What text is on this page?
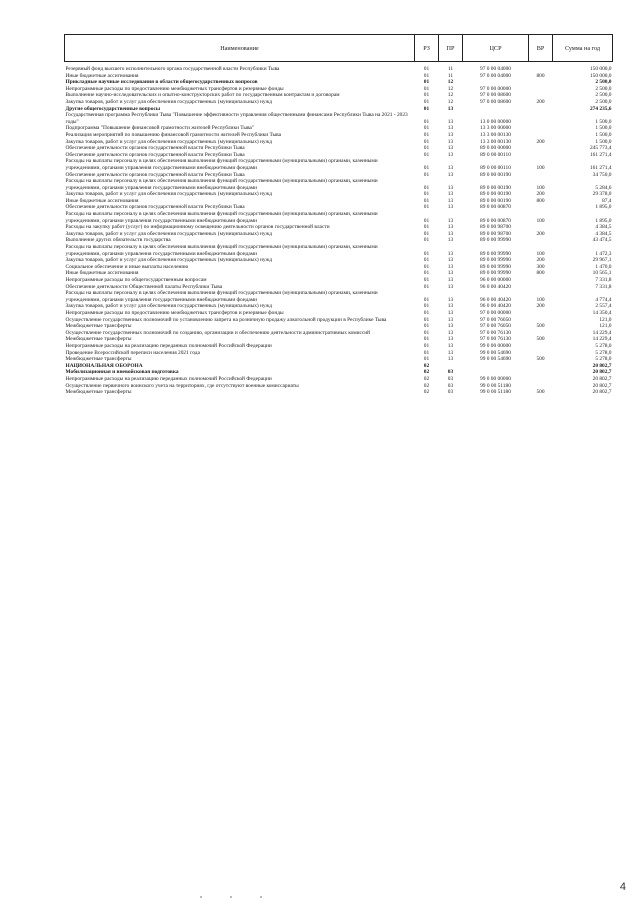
Наименование	РЗ	ПР	ЦСР	ВР	Сумма на год

Резервный фонд высшего исполнительного органа государственной власти Республики Тыва	01	11	97 0 00 04000		150 000,0
Иные бюджетные ассигнования	01	11	97 0 00 04000	800	150 000,0
Прикладные научные исследования в области общегосударственных вопросов	01	12			2 500,0
Непрограммные расходы по предоставлению межбюджетных трансфертов и резервные фонды	01	12	97 0 00 00000		2 500,0
Выполнение научно-исследовательских и опытно-конструкторских работ по государственным контрактам и договорам	01	12	97 0 00 08600		2 500,0
Закупка товаров, работ и услуг для обеспечения государственных (муниципальных) нужд	01	12	97 0 00 08600	200	2 500,0
Другие общегосударственные вопросы	01	13			274 235,6
Государственная программа Республики Тыва "Повышение эффективности управления общественными финансами Республики Тыва на 2021 - 2023 годы"	01	13	13 0 00 00000		1 500,0
Подпрограмма "Повышение финансовой грамотности жителей Республики Тыва"	01	13	13 3 00 00000		1 500,0
Реализация мероприятий по повышению финансовой грамотности жителей Республики Тыва	01	13	13 3 00 00130		1 500,0
Закупка товаров, работ и услуг для обеспечения государственных (муниципальных) нужд	01	13	13 3 00 00130	200	1 500,0
Обеспечение деятельности органов государственной власти Республики Тыва	01	13	89 0 00 00000		245 773,4
Обеспечение деятельности органов государственной власти Республики Тыва	01	13	89 0 00 00110		161 271,4
Расходы на выплаты персоналу в целях обеспечения выполнения функций государственными (муниципальными) органами, казенными учреждениями, органами управления государственными внебюджетными фондами	01	13	89 0 00 00110	100	161 271,4
Обеспечение деятельности органов государственной власти Республики Тыва	01	13	89 0 00 00190		34 750,0
Расходы на выплаты персоналу в целях обеспечения выполнения функций государственными (муниципальными) органами, казенными учреждениями, органами управления государственными внебюджетными фондами	01	13	89 0 00 00190	100	5 284,6
Закупка товаров, работ и услуг для обеспечения государственных (муниципальных) нужд	01	13	89 0 00 00190	200	29 378,0
Иные бюджетные ассигнования	01	13	89 0 00 00190	800	87,4
Обеспечение деятельности органов государственной власти Республики Тыва	01	13	89 0 00 00870		1 895,0
Расходы на выплаты персоналу в целях обеспечения выполнения функций государственными (муниципальными) органами, казенными учреждениями, органами управления государственными внебюджетными фондами	01	13	89 0 00 00870	100	1 895,0
Расходы на закупку работ (услуг) по информационному освещению деятельности органов государственной власти	01	13	89 0 00 98700		4 384,5
Закупка товаров, работ и услуг для обеспечения государственных (муниципальных) нужд	01	13	89 0 00 98700	200	4 384,5
Выполнение других обязательств государства	01	13	89 0 00 99990		43 474,5
Расходы на выплаты персоналу в целях обеспечения выполнения функций государственными (муниципальными) органами, казенными учреждениями, органами управления государственными внебюджетными фондами	01	13	89 0 00 99990	100	1 472,3
Закупка товаров, работ и услуг для обеспечения государственных (муниципальных) нужд	01	13	89 0 00 99990	200	29 967,1
Социальное обеспечение и иные выплаты населению	01	13	89 0 00 99990	300	1 470,0
Иные бюджетные ассигнования	01	13	89 0 00 99990	800	10 565,1
Непрограммные расходы по общегосударственным вопросам	01	13	96 0 00 00000		7 331,8
Обеспечение деятельности Общественной палаты Республики Тыва	01	13	96 0 00 40420		7 331,8
Расходы на выплаты персоналу в целях обеспечения выполнения функций государственными (муниципальными) органами, казенными учреждениями, органами управления государственными внебюджетными фондами	01	13	96 0 00 40420	100	4 774,4
Закупка товаров, работ и услуг для обеспечения государственных (муниципальных) нужд	01	13	96 0 00 40420	200	2 557,4
Непрограммные расходы по предоставлению межбюджетных трансфертов и резервные фонды	01	13	97 0 00 00000		14 350,4
Осуществление государственных полномочий по установлению запрета на розничную продажу алкогольной продукции в Республике Тыва	01	13	97 0 00 76050		121,0
Межбюджетные трансферты	01	13	97 0 00 76050	500	121,0
Осуществление государственных полномочий по созданию, организации и обеспечению деятельности административных комиссий	01	13	97 0 00 76130		14 229,4
Межбюджетные трансферты	01	13	97 0 00 76130	500	14 229,4
Непрограммные расходы на реализацию переданных полномочий Российской Федерации	01	13	99 0 00 00000		5 278,0
Проведение Всероссийской переписи населения 2021 года	01	13	99 0 00 54690		5 278,0
Межбюджетные трансферты	01	13	99 0 00 54690	500	5 278,0
НАЦИОНАЛЬНАЯ ОБОРОНА	02				20 802,7
Мобилизационная и вневойсковая подготовка	02	03			20 802,7
Непрограммные расходы на реализацию переданных полномочий Российской Федерации	02	03	99 0 00 00000		20 802,7
Осуществление первичного воинского учета на территориях, где отсутствуют военные комиссариаты	02	03	99 0 00 51180		20 802,7
Межбюджетные трансферты	02	03	99 0 00 51180	500	20 802,7
4
